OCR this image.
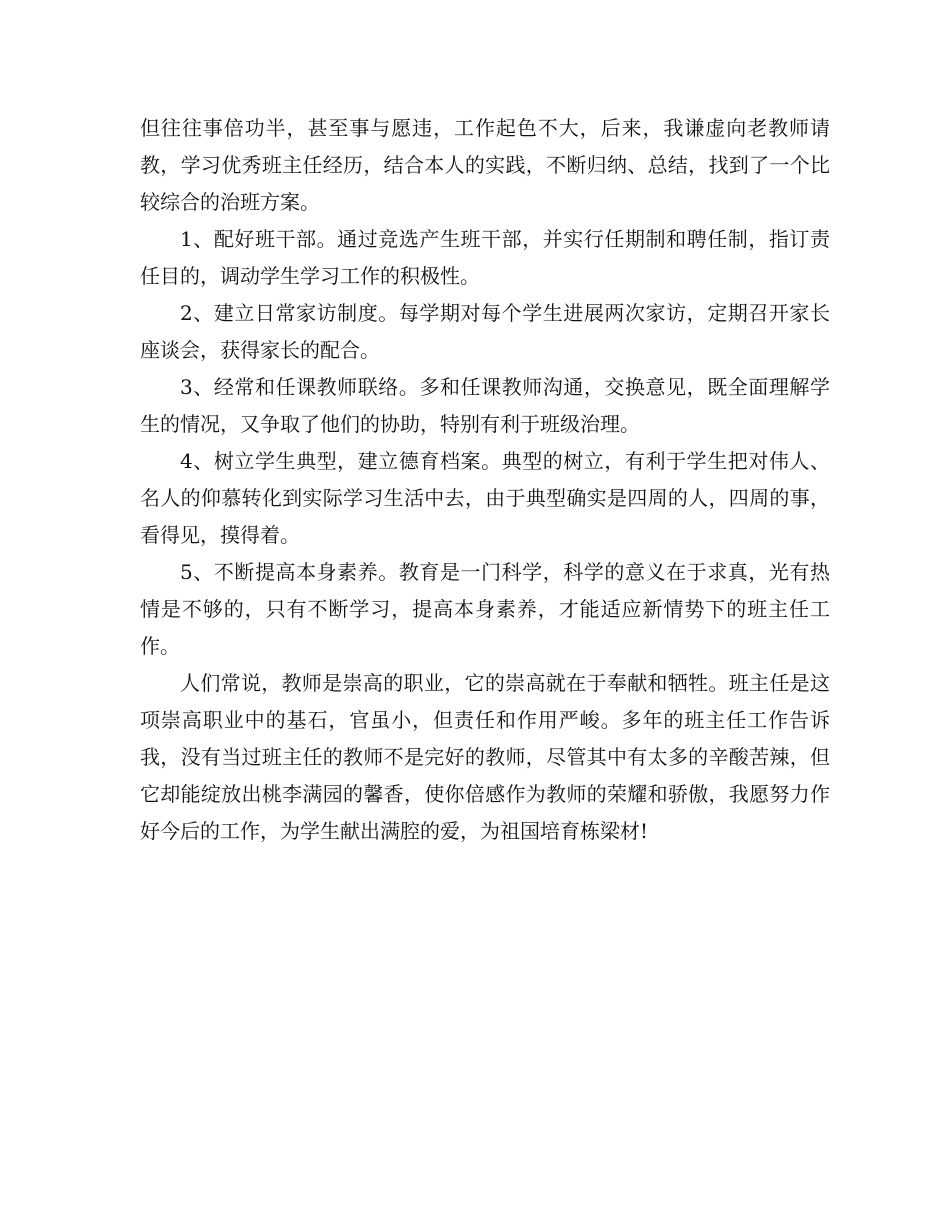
但往往事倍功半，甚至事与愿违，工作起色不大，后来，我谦虚向老教师请教，学习优秀班主任经历，结合本人的实践，不断归纳、总结，找到了一个比较综合的治班方案。

1、配好班干部。通过竞选产生班干部，并实行任期制和聘任制，指订责任目的，调动学生学习工作的积极性。

2、建立日常家访制度。每学期对每个学生进展两次家访，定期召开家长座谈会，获得家长的配合。

3、经常和任课教师联络。多和任课教师沟通，交换意见，既全面理解学生的情况，又争取了他们的协助，特别有利于班级治理。

4、树立学生典型，建立德育档案。典型的树立，有利于学生把对伟人、名人的仰慕转化到实际学习生活中去，由于典型确实是四周的人，四周的事，看得见，摸得着。

5、不断提高本身素养。教育是一门科学，科学的意义在于求真，光有热情是不够的，只有不断学习，提高本身素养，才能适应新情势下的班主任工作。

人们常说，教师是崇高的职业，它的崇高就在于奉献和牺牲。班主任是这项崇高职业中的基石，官虽小，但责任和作用严峻。多年的班主任工作告诉我，没有当过班主任的教师不是完好的教师，尽管其中有太多的辛酸苦辣，但它却能绽放出桃李满园的馨香，使你倍感作为教师的荣耀和骄傲，我愿努力作好今后的工作，为学生献出满腔的爱，为祖国培育栋梁材!
